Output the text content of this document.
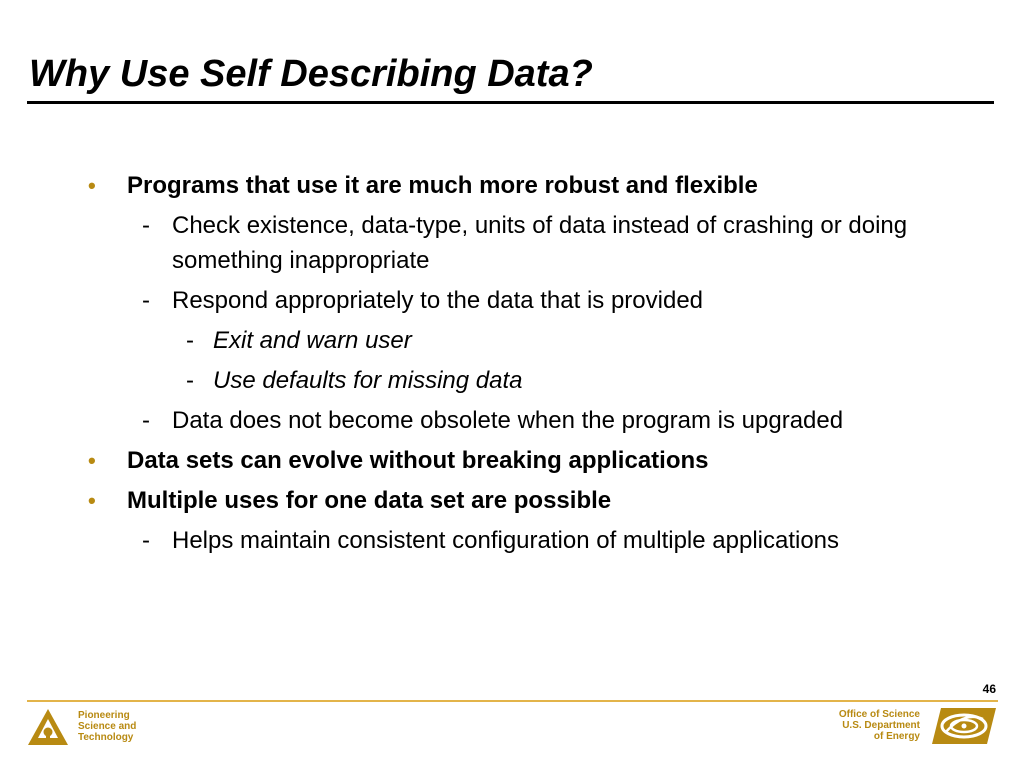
Why Use Self Describing Data?
• Programs that use it are much more robust and flexible
- Check existence, data-type, units of data instead of crashing or doing something inappropriate
- Respond appropriately to the data that is provided
- Exit and warn user
- Use defaults for missing data
- Data does not become obsolete when the program is upgraded
• Data sets can evolve without breaking applications
• Multiple uses for one data set are possible
- Helps maintain consistent configuration of multiple applications
46
Pioneering
Science and
Technology
Office of Science
U.S. Department
of Energy
